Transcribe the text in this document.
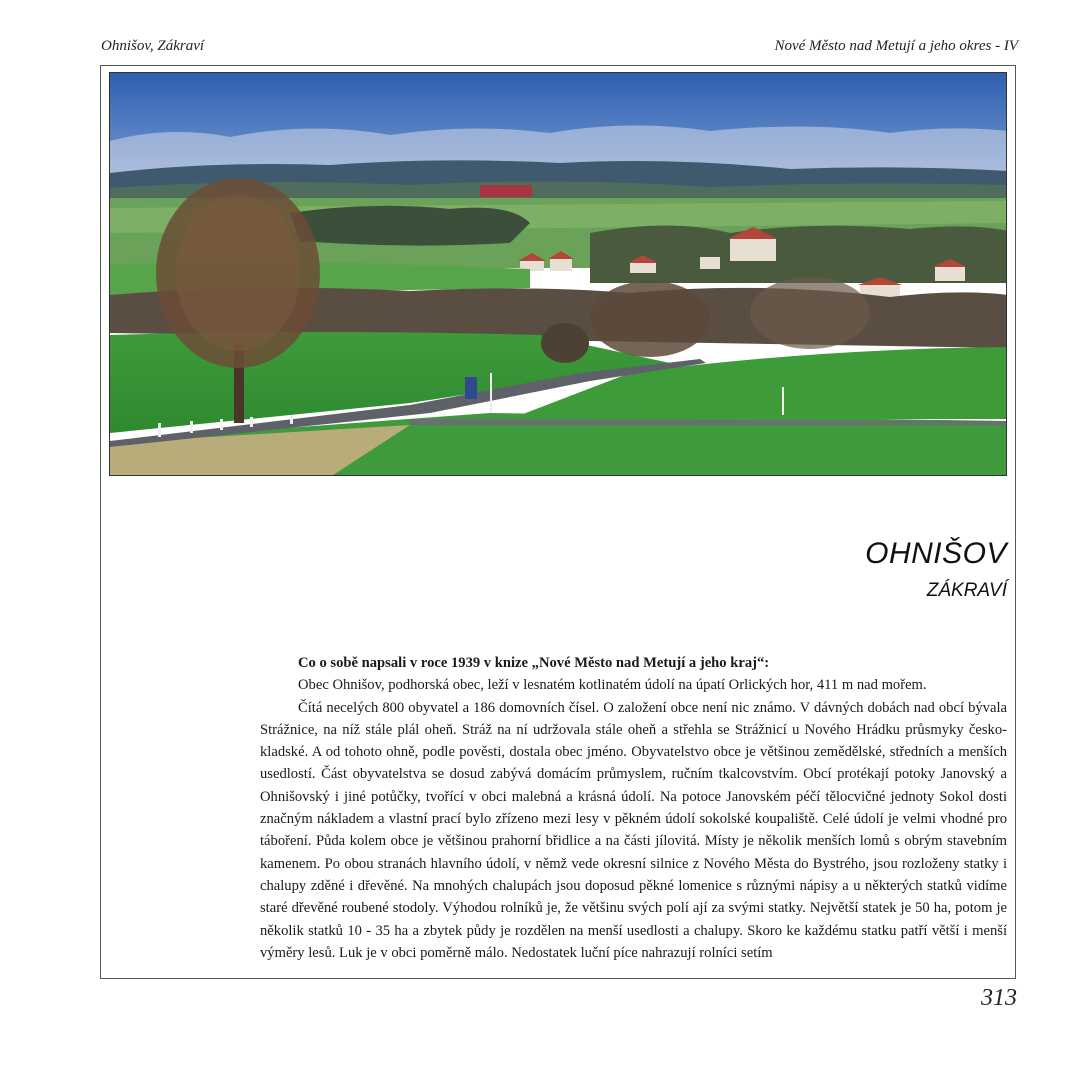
Ohnišov, Zákraví	Nové Město nad Metují a jeho okres - IV
OHNIŠOV
ZÁKRAVÍ

Co o sobě napsali v roce 1939 v knize „Nové Město nad Metují a jeho kraj“:

Obec Ohnišov, podhorská obec, leží v lesnatém kotlinatém údolí na úpatí Orlických hor, 411 m nad mořem.

Čítá necelých 800 obyvatel a 186 domovních čísel. O založení obce není nic známo. V dávných dobách nad obcí bývala Strážnice, na níž stále plál oheň. Stráž na ní udržovala stále oheň a střehla se Strážnicí u Nového Hrádku průsmyky česko-kladské. A od tohoto ohně, podle pověsti, dostala obec jméno. Obyvatelstvo obce je většinou zemědělské, středních a menších usedlostí. Část obyvatelstva se dosud zabývá domácím průmyslem, ručním tkalcovstvím. Obcí protékají potoky Janovský a Ohnišovský i jiné potůčky, tvořící v obci malebná a krásná údolí. Na potoce Janovském péčí tělocvičné jednoty Sokol dosti značným nákladem a vlastní prací bylo zřízeno mezi lesy v pěkném údolí sokolské koupaliště. Celé údolí je velmi vhodné pro táboření. Půda kolem obce je většinou prahorní břidlice a na části jílovitá. Místy je několik menších lomů s obrým stavebním kamenem. Po obou stranách hlavního údolí, v němž vede okresní silnice z Nového Města do Bystrého, jsou rozloženy statky i chalupy zděné i dřevěné. Na mnohých chalupách jsou doposud pěkné lomenice s různými nápisy a u některých statků vidíme staré dřevěné roubené stodoly. Výhodou rolníků je, že většinu svých polí ají za svými statky. Největší statek je 50 ha, potom je několik statků 10 - 35 ha a zbytek půdy je rozdělen na menší usedlosti a chalupy. Skoro ke každému statku patří větší i menší výměry lesů. Luk je v obci poměrně málo. Nedostatek luční píce nahrazují rolníci setím

313
